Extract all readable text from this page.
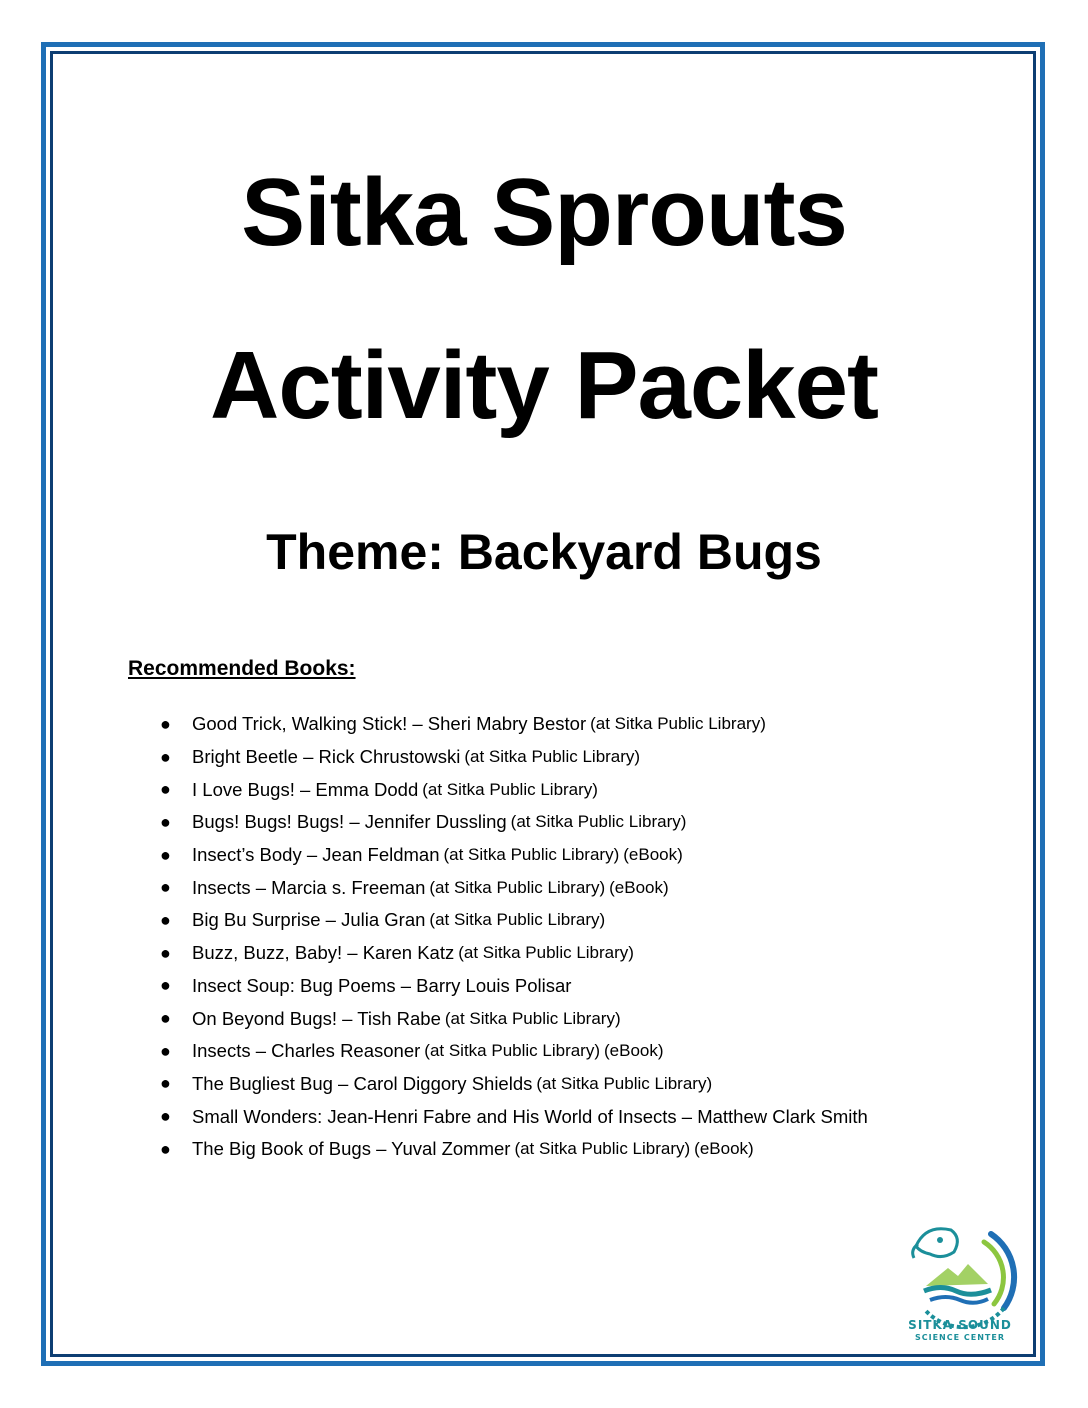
Sitka Sprouts
Activity Packet
Theme: Backyard Bugs
Recommended Books:
●	Good Trick, Walking Stick! – Sheri Mabry Bestor (at Sitka Public Library)
●	Bright Beetle – Rick Chrustowski (at Sitka Public Library)
●	I Love Bugs! – Emma Dodd (at Sitka Public Library)
●	Bugs! Bugs! Bugs! – Jennifer Dussling (at Sitka Public Library)
●	Insect’s Body – Jean Feldman (at Sitka Public Library) (eBook)
●	Insects – Marcia s. Freeman (at Sitka Public Library) (eBook)
●	Big Bu Surprise – Julia Gran (at Sitka Public Library)
●	Buzz, Buzz, Baby! – Karen Katz (at Sitka Public Library)
●	Insect Soup: Bug Poems – Barry Louis Polisar
●	On Beyond Bugs! – Tish Rabe (at Sitka Public Library)
●	Insects – Charles Reasoner (at Sitka Public Library) (eBook)
●	The Bugliest Bug – Carol Diggory Shields (at Sitka Public Library)
●	Small Wonders: Jean-Henri Fabre and His World of Insects – Matthew Clark Smith
●	The Big Book of Bugs – Yuval Zommer (at Sitka Public Library) (eBook)
SITKA SOUND
SCIENCE CENTER
